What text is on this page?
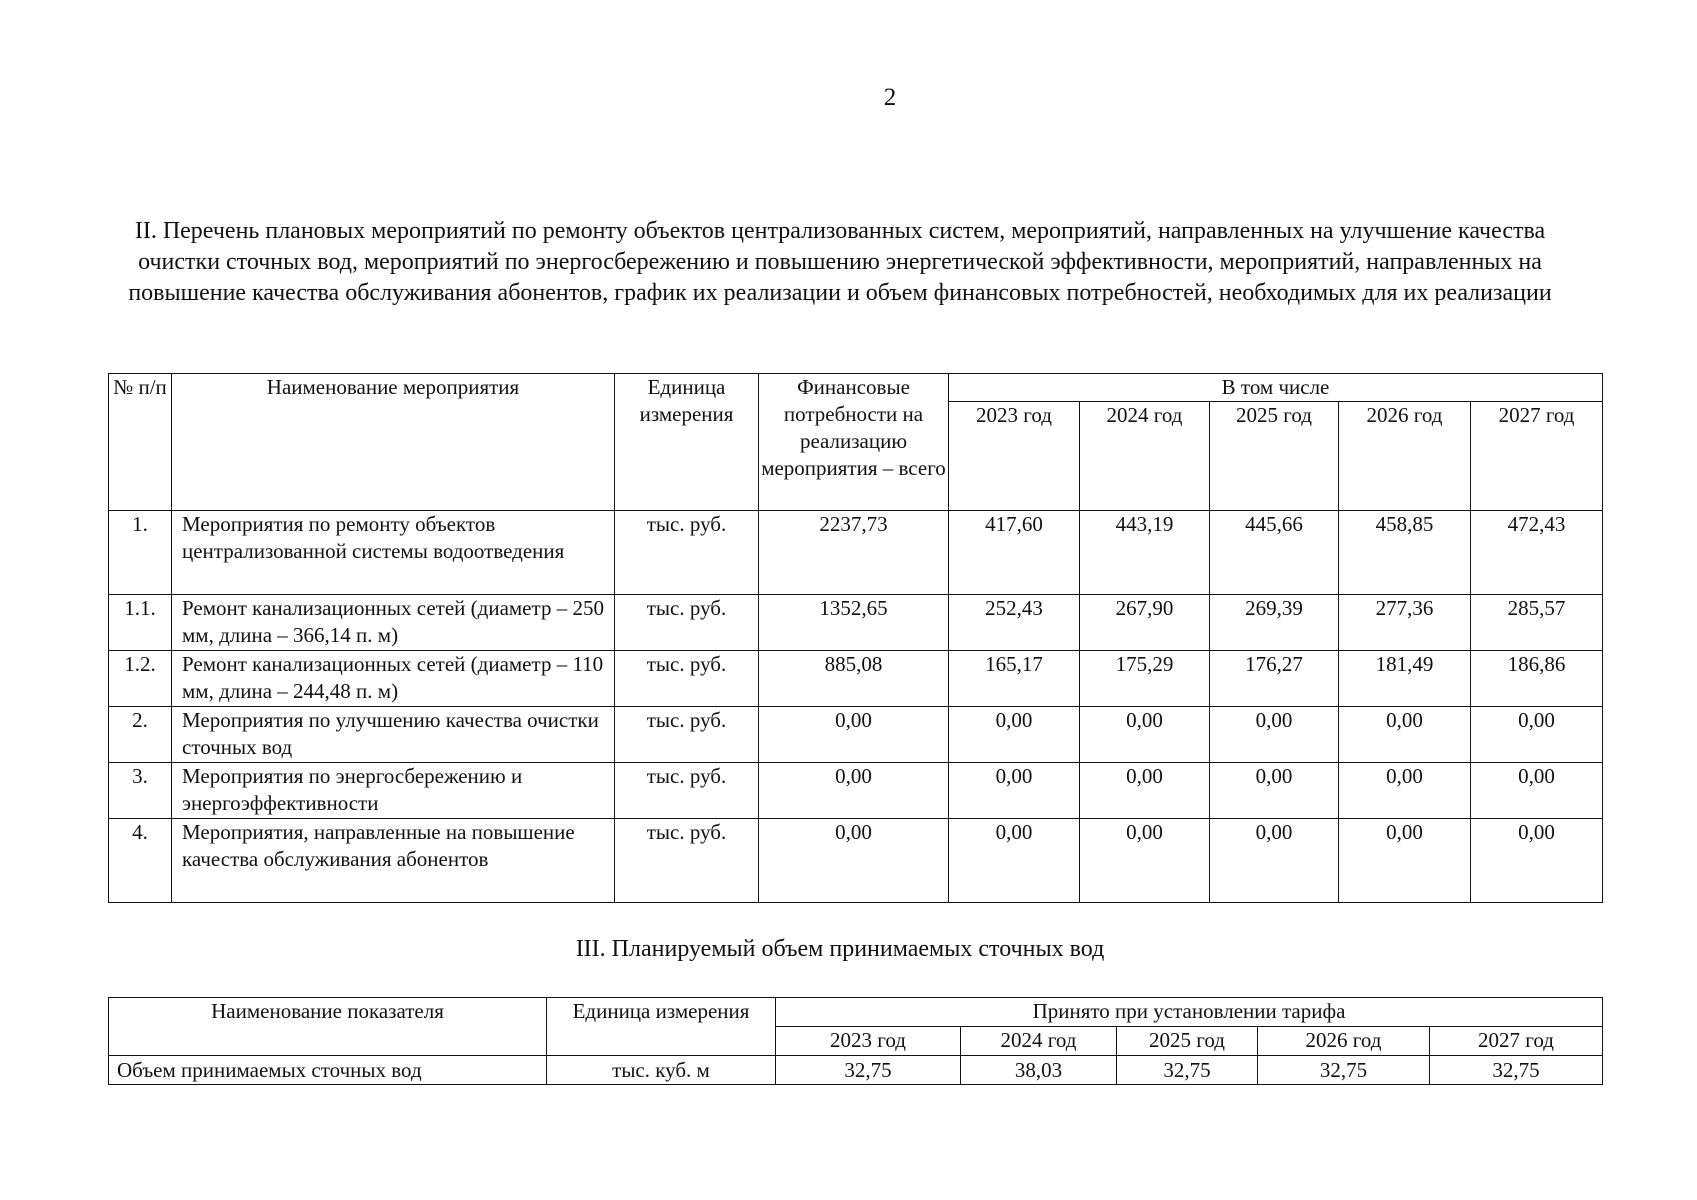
2
II. Перечень плановых мероприятий по ремонту объектов централизованных систем, мероприятий, направленных на улучшение качества очистки сточных вод, мероприятий по энергосбережению и повышению энергетической эффективности, мероприятий, направленных на повышение качества обслуживания абонентов, график их реализации и объем финансовых потребностей, необходимых для их реализации
№ п/п	Наименование мероприятия	Единица измерения	Финансовые потребности на реализацию мероприятия – всего	В том числе				
				2023 год	2024 год	2025 год	2026 год	2027 год
1.	Мероприятия по ремонту объектов централизованной системы водоотведения	тыс. руб.	2237,73	417,60	443,19	445,66	458,85	472,43
1.1.	Ремонт канализационных сетей (диаметр – 250 мм, длина – 366,14 п. м)	тыс. руб.	1352,65	252,43	267,90	269,39	277,36	285,57
1.2.	Ремонт канализационных сетей (диаметр – 110 мм, длина – 244,48 п. м)	тыс. руб.	885,08	165,17	175,29	176,27	181,49	186,86
2.	Мероприятия по улучшению качества очистки сточных вод	тыс. руб.	0,00	0,00	0,00	0,00	0,00	0,00
3.	Мероприятия по энергосбережению и энергоэффективности	тыс. руб.	0,00	0,00	0,00	0,00	0,00	0,00
4.	Мероприятия, направленные на повышение качества обслуживания абонентов	тыс. руб.	0,00	0,00	0,00	0,00	0,00	0,00
III. Планируемый объем принимаемых сточных вод
Наименование показателя	Единица измерения	Принято при установлении тарифа				
		2023 год	2024 год	2025 год	2026 год	2027 год
Объем принимаемых сточных вод	тыс. куб. м	32,75	38,03	32,75	32,75	32,75
